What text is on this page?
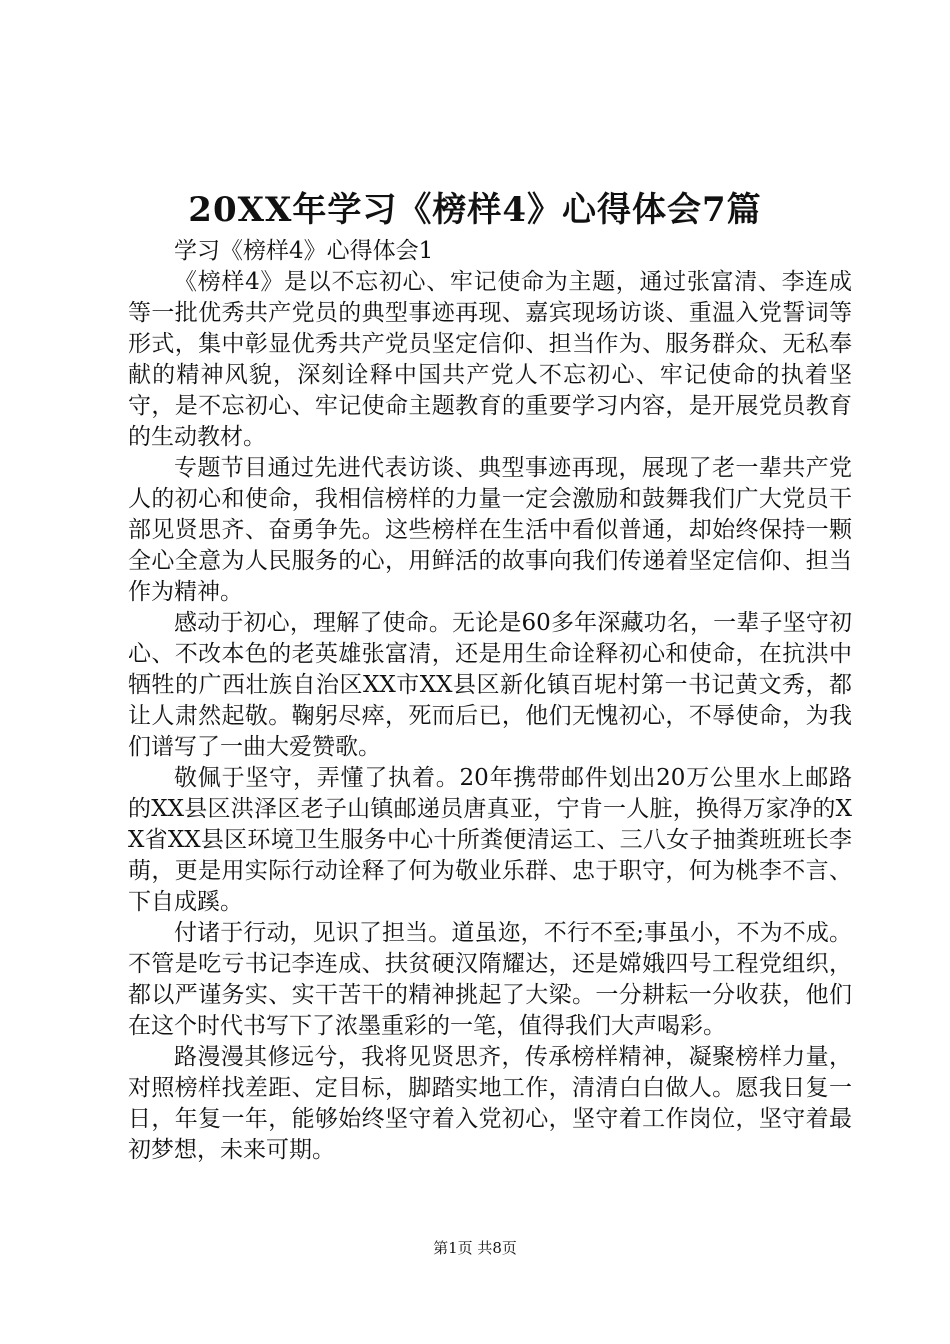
20XX年学习《榜样4》心得体会7篇

学习《榜样4》心得体会1

《榜样4》是以不忘初心、牢记使命为主题，通过张富清、李连成等一批优秀共产党员的典型事迹再现、嘉宾现场访谈、重温入党誓词等形式，集中彰显优秀共产党员坚定信仰、担当作为、服务群众、无私奉献的精神风貌，深刻诠释中国共产党人不忘初心、牢记使命的执着坚守，是不忘初心、牢记使命主题教育的重要学习内容，是开展党员教育的生动教材。

专题节目通过先进代表访谈、典型事迹再现，展现了老一辈共产党人的初心和使命，我相信榜样的力量一定会激励和鼓舞我们广大党员干部见贤思齐、奋勇争先。这些榜样在生活中看似普通，却始终保持一颗全心全意为人民服务的心，用鲜活的故事向我们传递着坚定信仰、担当作为精神。

感动于初心，理解了使命。无论是60多年深藏功名，一辈子坚守初心、不改本色的老英雄张富清，还是用生命诠释初心和使命，在抗洪中牺牲的广西壮族自治区XX市XX县区新化镇百坭村第一书记黄文秀，都让人肃然起敬。鞠躬尽瘁，死而后已，他们无愧初心，不辱使命，为我们谱写了一曲大爱赞歌。

敬佩于坚守，弄懂了执着。20年携带邮件划出20万公里水上邮路的XX县区洪泽区老子山镇邮递员唐真亚，宁肯一人脏，换得万家净的XX省XX县区环境卫生服务中心十所粪便清运工、三八女子抽粪班班长李萌，更是用实际行动诠释了何为敬业乐群、忠于职守，何为桃李不言、下自成蹊。

付诸于行动，见识了担当。道虽迩，不行不至;事虽小，不为不成。不管是吃亏书记李连成、扶贫硬汉隋耀达，还是嫦娥四号工程党组织，都以严谨务实、实干苦干的精神挑起了大梁。一分耕耘一分收获，他们在这个时代书写下了浓墨重彩的一笔，值得我们大声喝彩。

路漫漫其修远兮，我将见贤思齐，传承榜样精神，凝聚榜样力量，对照榜样找差距、定目标，脚踏实地工作，清清白白做人。愿我日复一日，年复一年，能够始终坚守着入党初心，坚守着工作岗位，坚守着最初梦想，未来可期。

第1页 共8页
